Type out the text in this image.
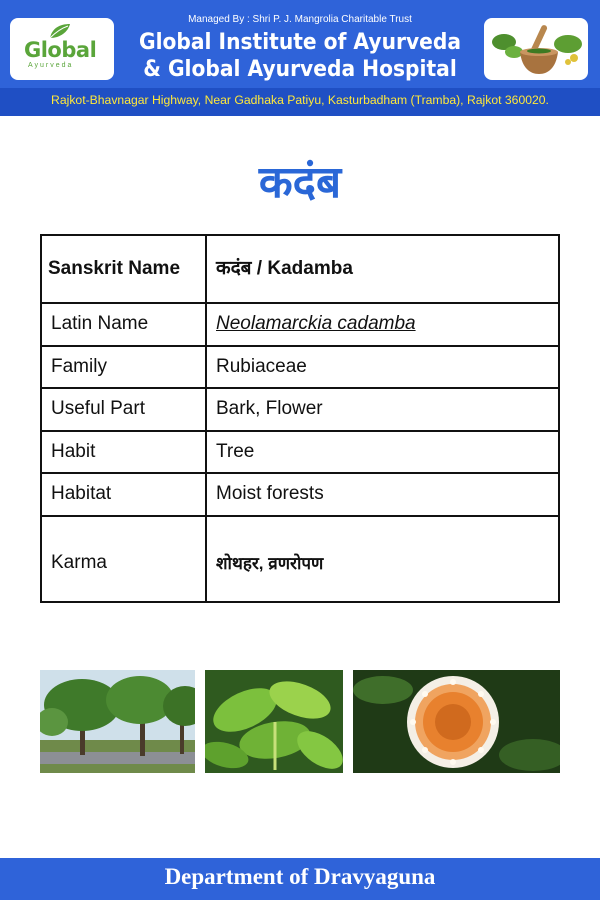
Global
Ayurveda
Managed By : Shri P. J. Mangrolia Charitable Trust
Global Institute of Ayurveda
& Global Ayurveda Hospital
Rajkot-Bhavnagar Highway, Near Gadhaka Patiyu, Kasturbadham (Tramba), Rajkot 360020.
कदंब
Sanskrit Name	कदंब / Kadamba
Latin Name	Neolamarckia cadamba
Family	Rubiaceae
Useful Part	Bark, Flower
Habit	Tree
Habitat	Moist forests
Karma	शोथहर, व्रणरोपण
Department of Dravyaguna
